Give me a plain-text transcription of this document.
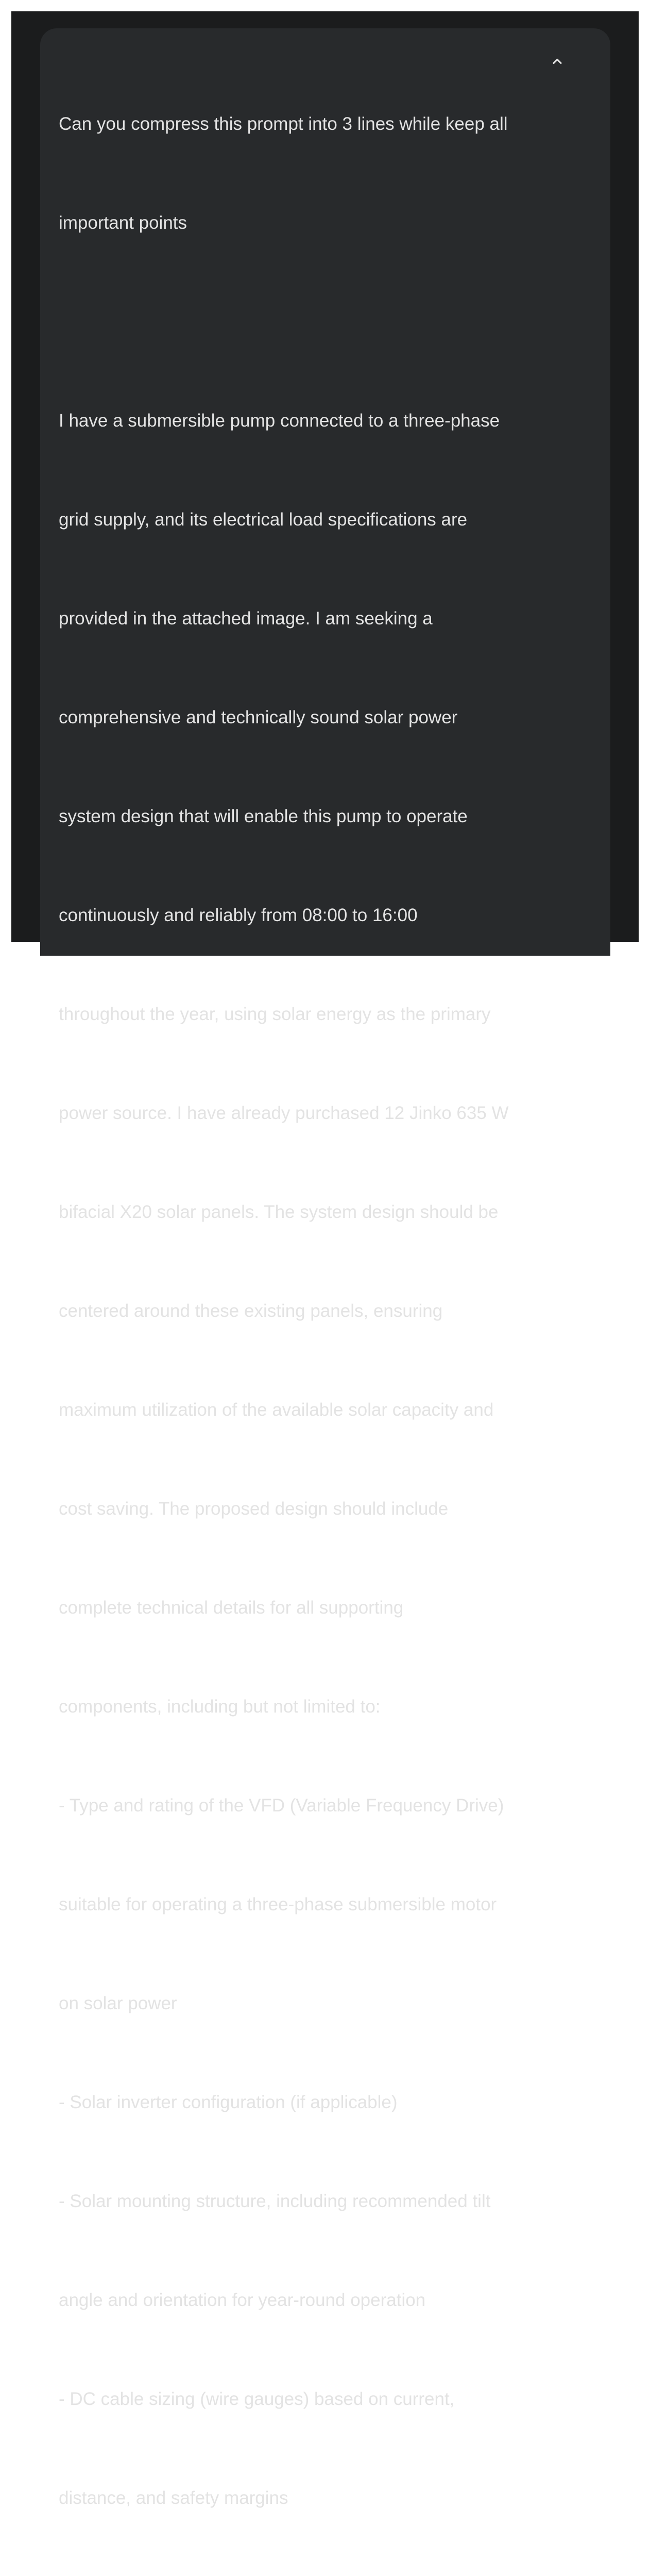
Can you compress this prompt into 3 lines while keep all

important points

I have a submersible pump connected to a three-phase

grid supply, and its electrical load specifications are

provided in the attached image. I am seeking a

comprehensive and technically sound solar power

system design that will enable this pump to operate

continuously and reliably from 08:00 to 16:00

throughout the year, using solar energy as the primary

power source. I have already purchased 12 Jinko 635 W

bifacial X20 solar panels. The system design should be

centered around these existing panels, ensuring

maximum utilization of the available solar capacity and

cost saving. The proposed design should include

complete technical details for all supporting

components, including but not limited to:

- Type and rating of the VFD (Variable Frequency Drive)

suitable for operating a three-phase submersible motor

on solar power

- Solar inverter configuration (if applicable)

- Solar mounting structure, including recommended tilt

angle and orientation for year-round operation

- DC cable sizing (wire gauges) based on current,

distance, and safety margins
